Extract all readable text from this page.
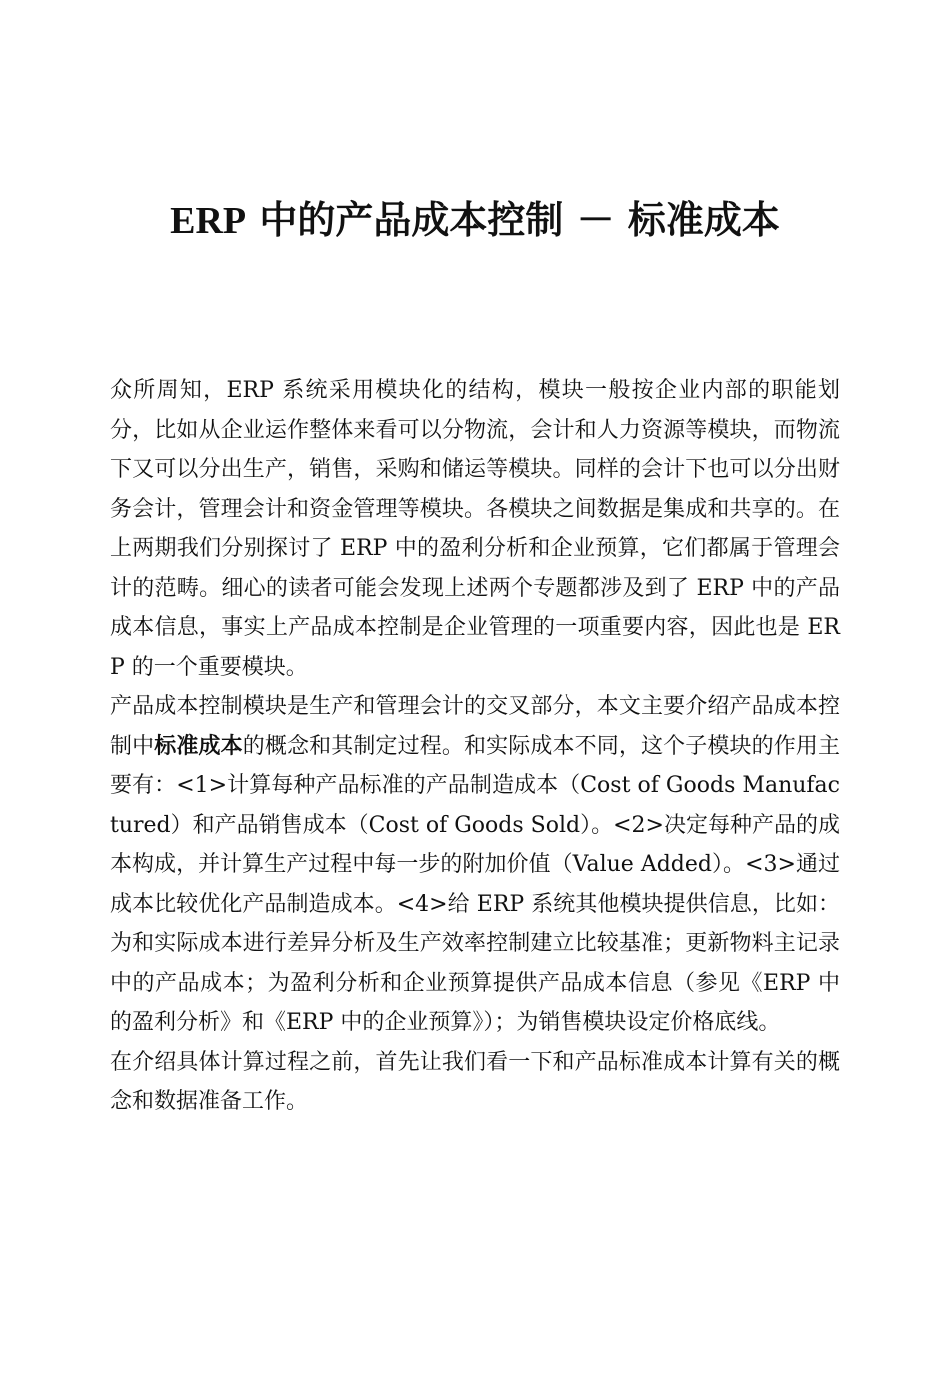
ERP 中的产品成本控制 － 标准成本

众所周知，ERP 系统采用模块化的结构，模块一般按企业内部的职能划分，比如从企业运作整体来看可以分物流，会计和人力资源等模块，而物流下又可以分出生产，销售，采购和储运等模块。同样的会计下也可以分出财务会计，管理会计和资金管理等模块。各模块之间数据是集成和共享的。在上两期我们分别探讨了 ERP 中的盈利分析和企业预算，它们都属于管理会计的范畴。细心的读者可能会发现上述两个专题都涉及到了 ERP 中的产品成本信息，事实上产品成本控制是企业管理的一项重要内容，因此也是 ERP 的一个重要模块。

产品成本控制模块是生产和管理会计的交叉部分，本文主要介绍产品成本控制中标准成本的概念和其制定过程。和实际成本不同，这个子模块的作用主要有：<1>计算每种产品标准的产品制造成本（Cost of Goods Manufactured）和产品销售成本（Cost of Goods Sold）。<2>决定每种产品的成本构成，并计算生产过程中每一步的附加价值（Value Added）。<3>通过成本比较优化产品制造成本。<4>给 ERP 系统其他模块提供信息，比如：为和实际成本进行差异分析及生产效率控制建立比较基准；更新物料主记录中的产品成本；为盈利分析和企业预算提供产品成本信息（参见《ERP 中的盈利分析》和《ERP 中的企业预算》）；为销售模块设定价格底线。

在介绍具体计算过程之前，首先让我们看一下和产品标准成本计算有关的概念和数据准备工作。
